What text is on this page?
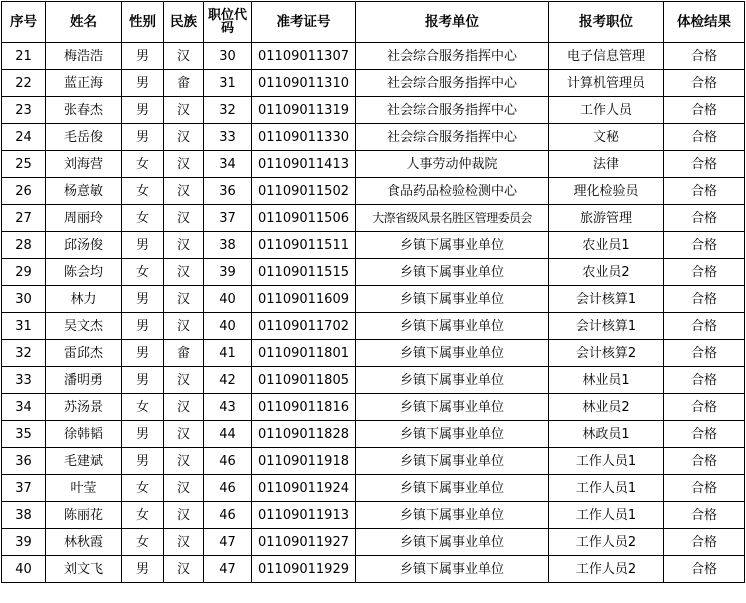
序号	姓名	性别	民族	职位代码	准考证号	报考单位	报考职位	体检结果
21	梅浩浩	男	汉	30	01109011307	社会综合服务指挥中心	电子信息管理	合格
22	蓝正海	男	畲	31	01109011310	社会综合服务指挥中心	计算机管理员	合格
23	张春杰	男	汉	32	01109011319	社会综合服务指挥中心	工作人员	合格
24	毛岳俊	男	汉	33	01109011330	社会综合服务指挥中心	文秘	合格
25	刘海营	女	汉	34	01109011413	人事劳动仲裁院	法律	合格
26	杨意敏	女	汉	36	01109011502	食品药品检验检测中心	理化检验员	合格
27	周丽玲	女	汉	37	01109011506	大漈省级风景名胜区管理委员会	旅游管理	合格
28	邱汤俊	男	汉	38	01109011511	乡镇下属事业单位	农业员1	合格
29	陈会均	女	汉	39	01109011515	乡镇下属事业单位	农业员2	合格
30	林力	男	汉	40	01109011609	乡镇下属事业单位	会计核算1	合格
31	吴文杰	男	汉	40	01109011702	乡镇下属事业单位	会计核算1	合格
32	雷邱杰	男	畲	41	01109011801	乡镇下属事业单位	会计核算2	合格
33	潘明勇	男	汉	42	01109011805	乡镇下属事业单位	林业员1	合格
34	苏汤景	女	汉	43	01109011816	乡镇下属事业单位	林业员2	合格
35	徐韩韬	男	汉	44	01109011828	乡镇下属事业单位	林政员1	合格
36	毛建斌	男	汉	46	01109011918	乡镇下属事业单位	工作人员1	合格
37	叶莹	女	汉	46	01109011924	乡镇下属事业单位	工作人员1	合格
38	陈丽花	女	汉	46	01109011913	乡镇下属事业单位	工作人员1	合格
39	林秋霞	女	汉	47	01109011927	乡镇下属事业单位	工作人员2	合格
40	刘文飞	男	汉	47	01109011929	乡镇下属事业单位	工作人员2	合格
